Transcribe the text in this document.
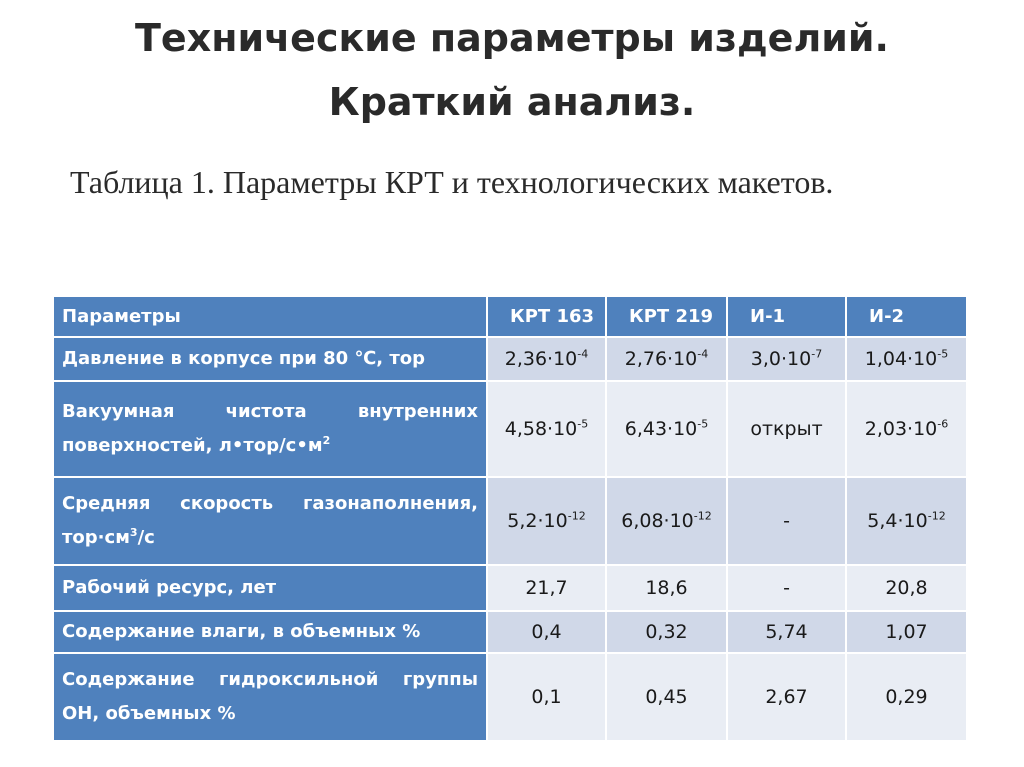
Технические параметры изделий.
Краткий анализ.
Таблица 1. Параметры КРТ и технологических макетов.
Параметры	КРТ 163	КРТ 219	И-1	И-2
Давление в корпусе при 80 ℃, тор	$2,36\cdot 10^{-4}$	$2,76\cdot 10^{-4}$	$3,0\cdot 10^{-7}$	$1,04\cdot 10^{-5}$
Вакуумная чистота внутренних поверхностей, $л•тор/с•м^2$	$4,58\cdot 10^{-5}$	$6,43\cdot 10^{-5}$	открыт	$2,03\cdot 10^{-6}$
Средняя скорость газонаполнения, $тор\cdot см^3/с$	$5,2\cdot 10^{-12}$	$6,08\cdot 10^{-12}$	-	$5,4\cdot 10^{-12}$
Рабочий ресурс, лет	21,7	18,6	-	20,8
Содержание влаги, в объемных %	0,4	0,32	5,74	1,07
Содержание гидроксильной группы ОН, объемных %	0,1	0,45	2,67	0,29
